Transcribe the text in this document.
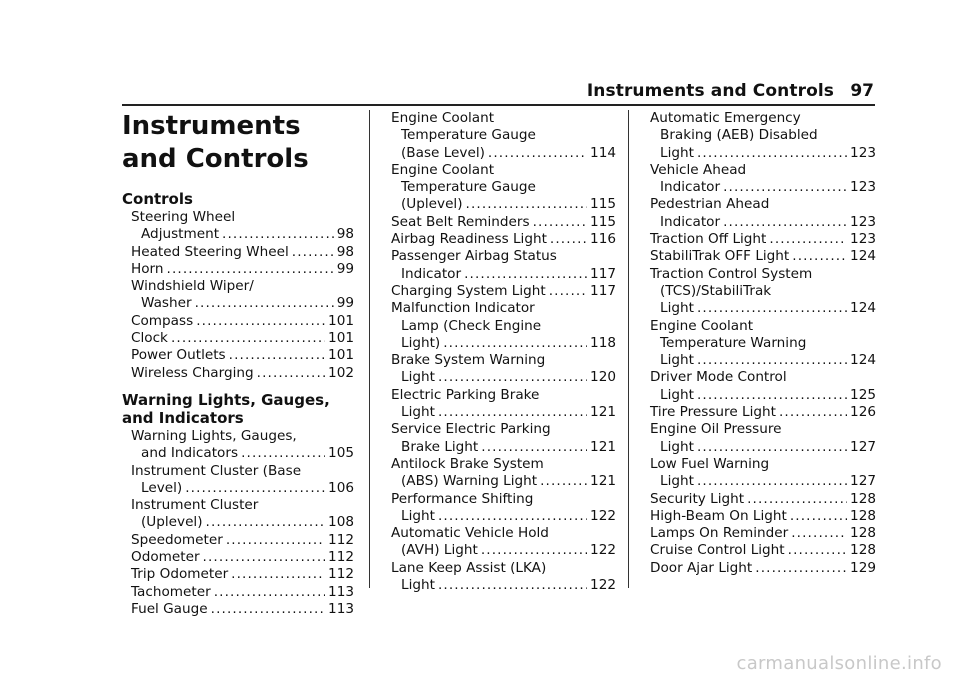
Instruments and Controls 97
Instruments and Controls
Controls
Steering Wheel
Adjustment . . .	98
Heated Steering Wheel . . .	98
Horn . . .	99
Windshield Wiper/
Washer . . .	99
Compass . . .	101
Clock . . .	101
Power Outlets . . .	101
Wireless Charging . . .	102
Warning Lights, Gauges, and Indicators
Warning Lights, Gauges,
and Indicators . . .	105
Instrument Cluster (Base
Level) . . .	106
Instrument Cluster
(Uplevel) . . .	108
Speedometer . . .	112
Odometer . . .	112
Trip Odometer . . .	112
Tachometer . . .	113
Fuel Gauge . . .	113
Engine Coolant
Temperature Gauge
(Base Level) . . .	114
Engine Coolant
Temperature Gauge
(Uplevel) . . .	115
Seat Belt Reminders . . .	115
Airbag Readiness Light . . .	116
Passenger Airbag Status
Indicator . . .	117
Charging System Light . . .	117
Malfunction Indicator
Lamp (Check Engine
Light) . . .	118
Brake System Warning
Light . . .	120
Electric Parking Brake
Light . . .	121
Service Electric Parking
Brake Light . . .	121
Antilock Brake System
(ABS) Warning Light . . .	121
Performance Shifting
Light . . .	122
Automatic Vehicle Hold
(AVH) Light . . .	122
Lane Keep Assist (LKA)
Light . . .	122
Automatic Emergency
Braking (AEB) Disabled
Light . . .	123
Vehicle Ahead
Indicator . . .	123
Pedestrian Ahead
Indicator . . .	123
Traction Off Light . . .	123
StabiliTrak OFF Light . . .	124
Traction Control System
(TCS)/StabiliTrak
Light . . .	124
Engine Coolant
Temperature Warning
Light . . .	124
Driver Mode Control
Light . . .	125
Tire Pressure Light . . .	126
Engine Oil Pressure
Light . . .	127
Low Fuel Warning
Light . . .	127
Security Light . . .	128
High-Beam On Light . . .	128
Lamps On Reminder . . .	128
Cruise Control Light . . .	128
Door Ajar Light . . .	129
carmanualsonline.info
